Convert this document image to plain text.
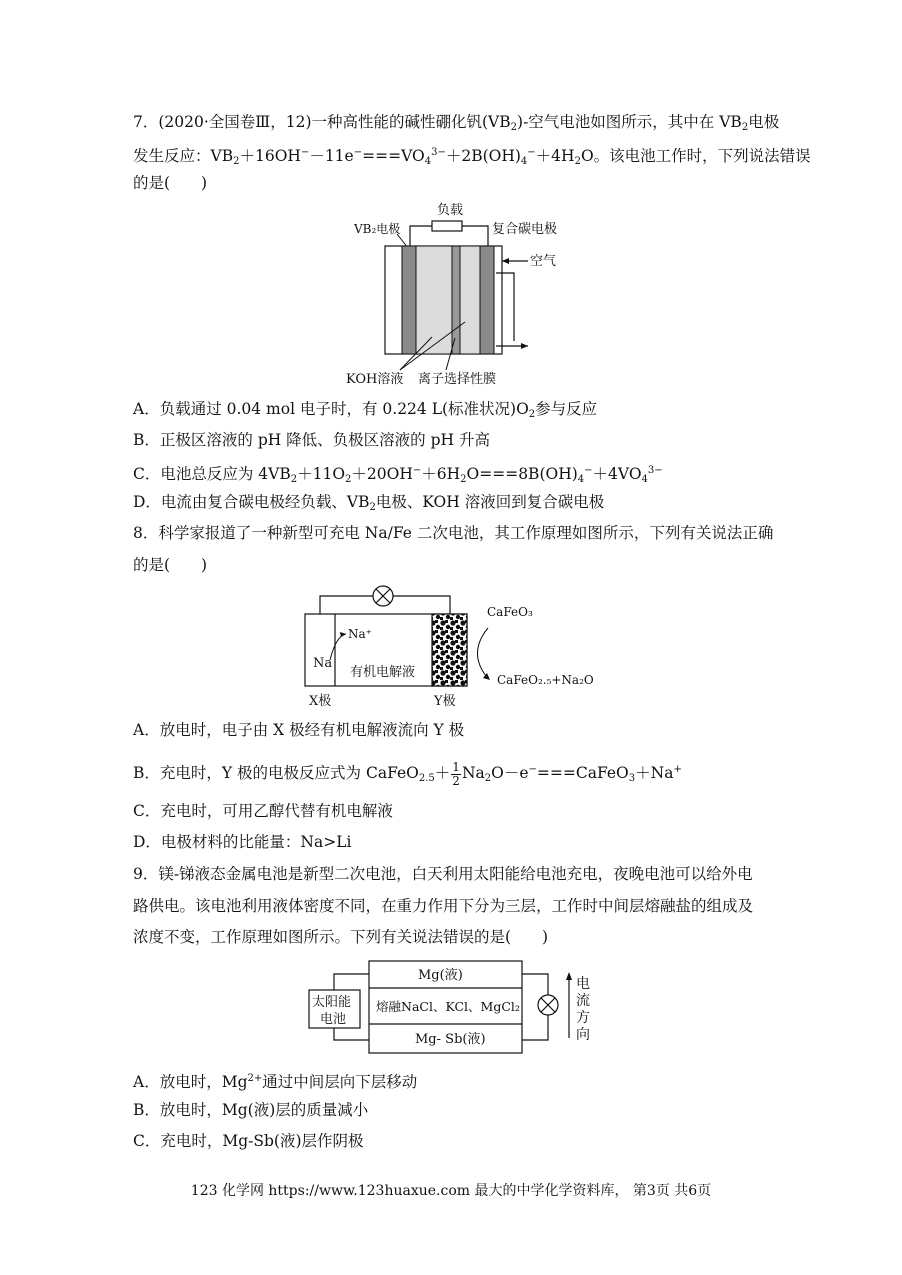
7．(2020·全国卷Ⅲ，12)一种高性能的碱性硼化钒$(VB_2)-$空气电池如图所示，其中在 $VB_2$电极
发生反应：$VB_2+16OH^--11e^-===VO_4^{3-}+2B(OH)_4^-+4H_2O$。该电池工作时，下列说法错误
的是(　　)
负载
VB₂电极	复合碳电极
空气
KOH溶液 离子选择性膜
A．负载通过 0.04 mol 电子时，有 0.224 L(标准状况)$O_2$参与反应
B．正极区溶液的 pH 降低、负极区溶液的 pH 升高
C．电池总反应为 $4VB_2+11O_2+20OH^-+6H_2O===8B(OH)_4^-+4VO_4^{3-}$
D．电流由复合碳电极经负载、$VB_2$电极、KOH 溶液回到复合碳电极
8．科学家报道了一种新型可充电 Na/Fe 二次电池，其工作原理如图所示，下列有关说法正确
的是(　　)
Na
Na⁺
有机电解液
X极	Y极
CaFeO₃
CaFeO₂.₅+Na₂O
A．放电时，电子由 X 极经有机电解液流向 Y 极
B．充电时，Y 极的电极反应式为 CaFeO$_{2.5}$＋ $\frac{1}{2}$ $Na_2O-e^-===CaFeO_3+Na^+$
C．充电时，可用乙醇代替有机电解液
D．电极材料的比能量：Na>Li
9．镁-锑液态金属电池是新型二次电池，白天利用太阳能给电池充电，夜晚电池可以给外电
路供电。该电池利用液体密度不同，在重力作用下分为三层，工作时中间层熔融盐的组成及
浓度不变，工作原理如图所示。下列有关说法错误的是(　　)
Mg(液)
熔融NaCl、KCl、MgCl₂
Mg- Sb(液)
太阳能
电池
电
流
方
向
A．放电时，$Mg^{2+}$通过中间层向下层移动
B．放电时，Mg(液)层的质量减小
C．充电时，Mg-Sb(液)层作阴极
123 化学网 https://www.123huaxue.com 最大的中学化学资料库， 第3页 共6页
